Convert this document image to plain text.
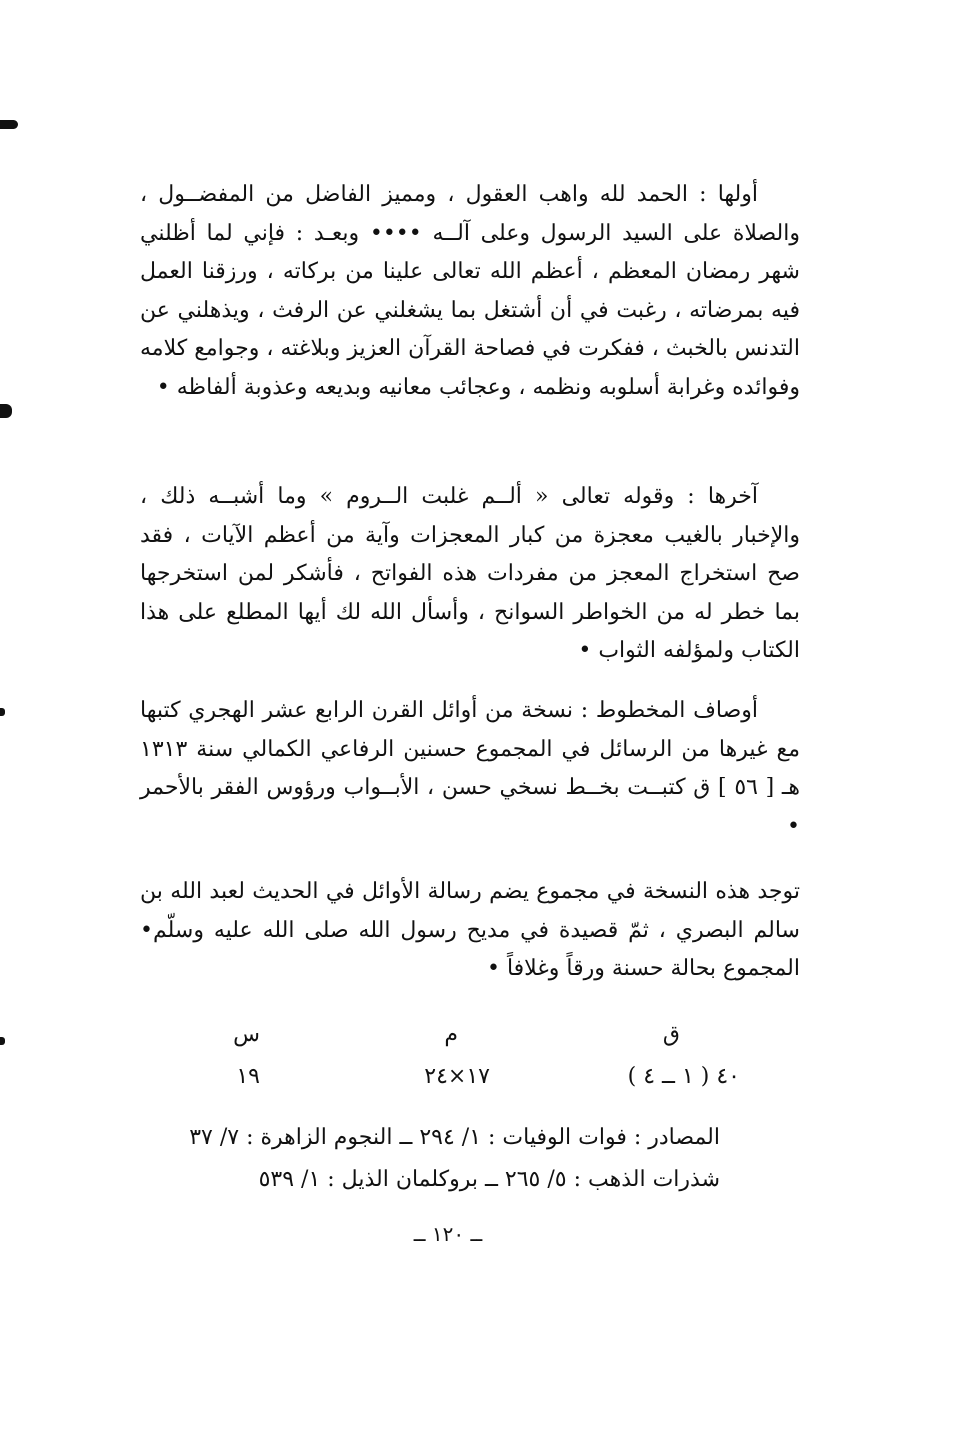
أولها : الحمد لله واهب العقول ، ومميز الفاضل من المفضــول ، والصلاة على السيد الرسول وعلى آلــه •••• وبعـد : فإني لما أظلني شهر رمضان المعظم ، أعظم الله تعالى علينا من بركاته ، ورزقنا العمل فيه بمرضاته ، رغبت في أن أشتغل بما يشغلني عن الرفث ، ويذهلني عن التدنس بالخبث ، ففكرت في فصاحة القرآن العزيز وبلاغته ، وجوامع كلامه وفوائده وغرابة أسلوبه ونظمه ، وعجائب معانيه وبديعه وعذوبة ألفاظه •

آخرها : وقوله تعالى « ألــم غلبت الــروم » وما أشبــه ذلك ، والإخبار بالغيب معجزة من كبار المعجزات وآية من أعظم الآيات ، فقد صح استخراج المعجز من مفردات هذه الفواتح ، فأشكر لمن استخرجها بما خطر له من الخواطر السوانح ، وأسأل الله لك أيها المطلع على هذا الكتاب ولمؤلفه الثواب •

أوصاف المخطوط : نسخة من أوائل القرن الرابع عشر الهجري كتبها مع غيرها من الرسائل في المجموع حسنين الرفاعي الكمالي سنة ١٣١٣ هـ [ ٥٦ ] ق كتبــت بخــط نسخي حسن ، الأبــواب ورؤوس الفقر بالأحمر •

توجد هذه النسخة في مجموع يضم رسالة الأوائل في الحديث لعبد الله بن سالم البصري ، ثمّ قصيدة في مديح رسول الله صلى الله عليه وسلّم• المجموع بحالة حسنة ورقاً وغلافاً •

ق
م
س
٤٠ ( ١ ــ ٤ )
١٧×٢٤
١٩
المصادر : فوات الوفيات : ١/ ٢٩٤ ــ النجوم الزاهرة : ٧/ ٣٧
شذرات الذهب : ٥/ ٢٦٥ ــ بروكلمان الذيل : ١/ ٥٣٩
ــ ١٢٠ ــ
